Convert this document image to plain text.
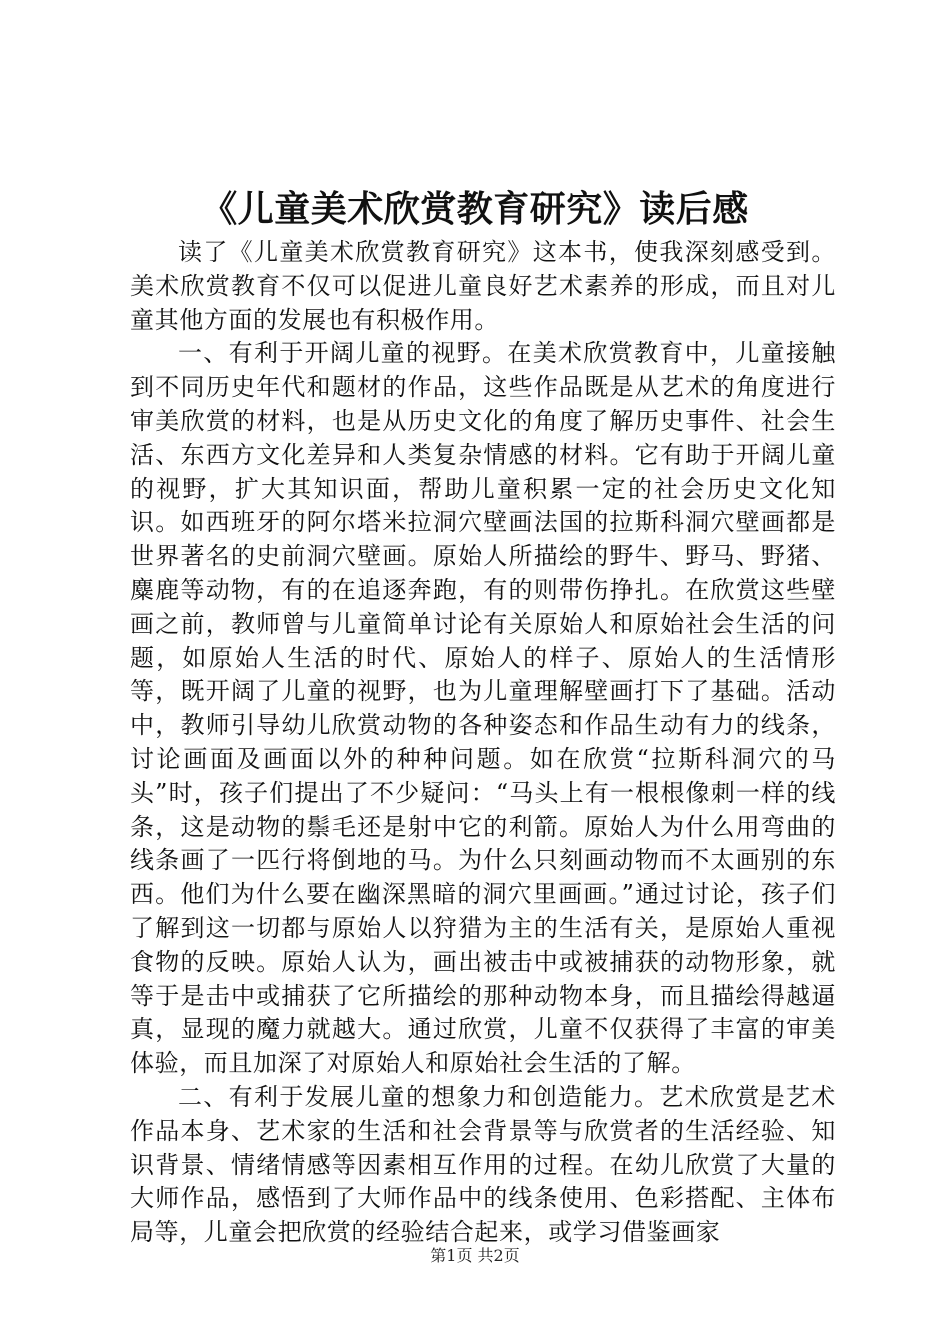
《儿童美术欣赏教育研究》读后感

读了《儿童美术欣赏教育研究》这本书，使我深刻感受到。美术欣赏教育不仅可以促进儿童良好艺术素养的形成，而且对儿童其他方面的发展也有积极作用。

一、有利于开阔儿童的视野。在美术欣赏教育中，儿童接触到不同历史年代和题材的作品，这些作品既是从艺术的角度进行审美欣赏的材料，也是从历史文化的角度了解历史事件、社会生活、东西方文化差异和人类复杂情感的材料。它有助于开阔儿童的视野，扩大其知识面，帮助儿童积累一定的社会历史文化知识。如西班牙的阿尔塔米拉洞穴壁画法国的拉斯科洞穴壁画都是世界著名的史前洞穴壁画。原始人所描绘的野牛、野马、野猪、麋鹿等动物，有的在追逐奔跑，有的则带伤挣扎。在欣赏这些壁画之前，教师曾与儿童简单讨论有关原始人和原始社会生活的问题，如原始人生活的时代、原始人的样子、原始人的生活情形等，既开阔了儿童的视野，也为儿童理解壁画打下了基础。活动中，教师引导幼儿欣赏动物的各种姿态和作品生动有力的线条，讨论画面及画面以外的种种问题。如在欣赏“拉斯科洞穴的马头”时，孩子们提出了不少疑问：“马头上有一根根像刺一样的线条，这是动物的鬃毛还是射中它的利箭。原始人为什么用弯曲的线条画了一匹行将倒地的马。为什么只刻画动物而不太画别的东西。他们为什么要在幽深黑暗的洞穴里画画。”通过讨论，孩子们了解到这一切都与原始人以狩猎为主的生活有关，是原始人重视食物的反映。原始人认为，画出被击中或被捕获的动物形象，就等于是击中或捕获了它所描绘的那种动物本身，而且描绘得越逼真，显现的魔力就越大。通过欣赏，儿童不仅获得了丰富的审美体验，而且加深了对原始人和原始社会生活的了解。

二、有利于发展儿童的想象力和创造能力。艺术欣赏是艺术作品本身、艺术家的生活和社会背景等与欣赏者的生活经验、知识背景、情绪情感等因素相互作用的过程。在幼儿欣赏了大量的大师作品，感悟到了大师作品中的线条使用、色彩搭配、主体布局等，儿童会把欣赏的经验结合起来，或学习借鉴画家

第1页 共2页
